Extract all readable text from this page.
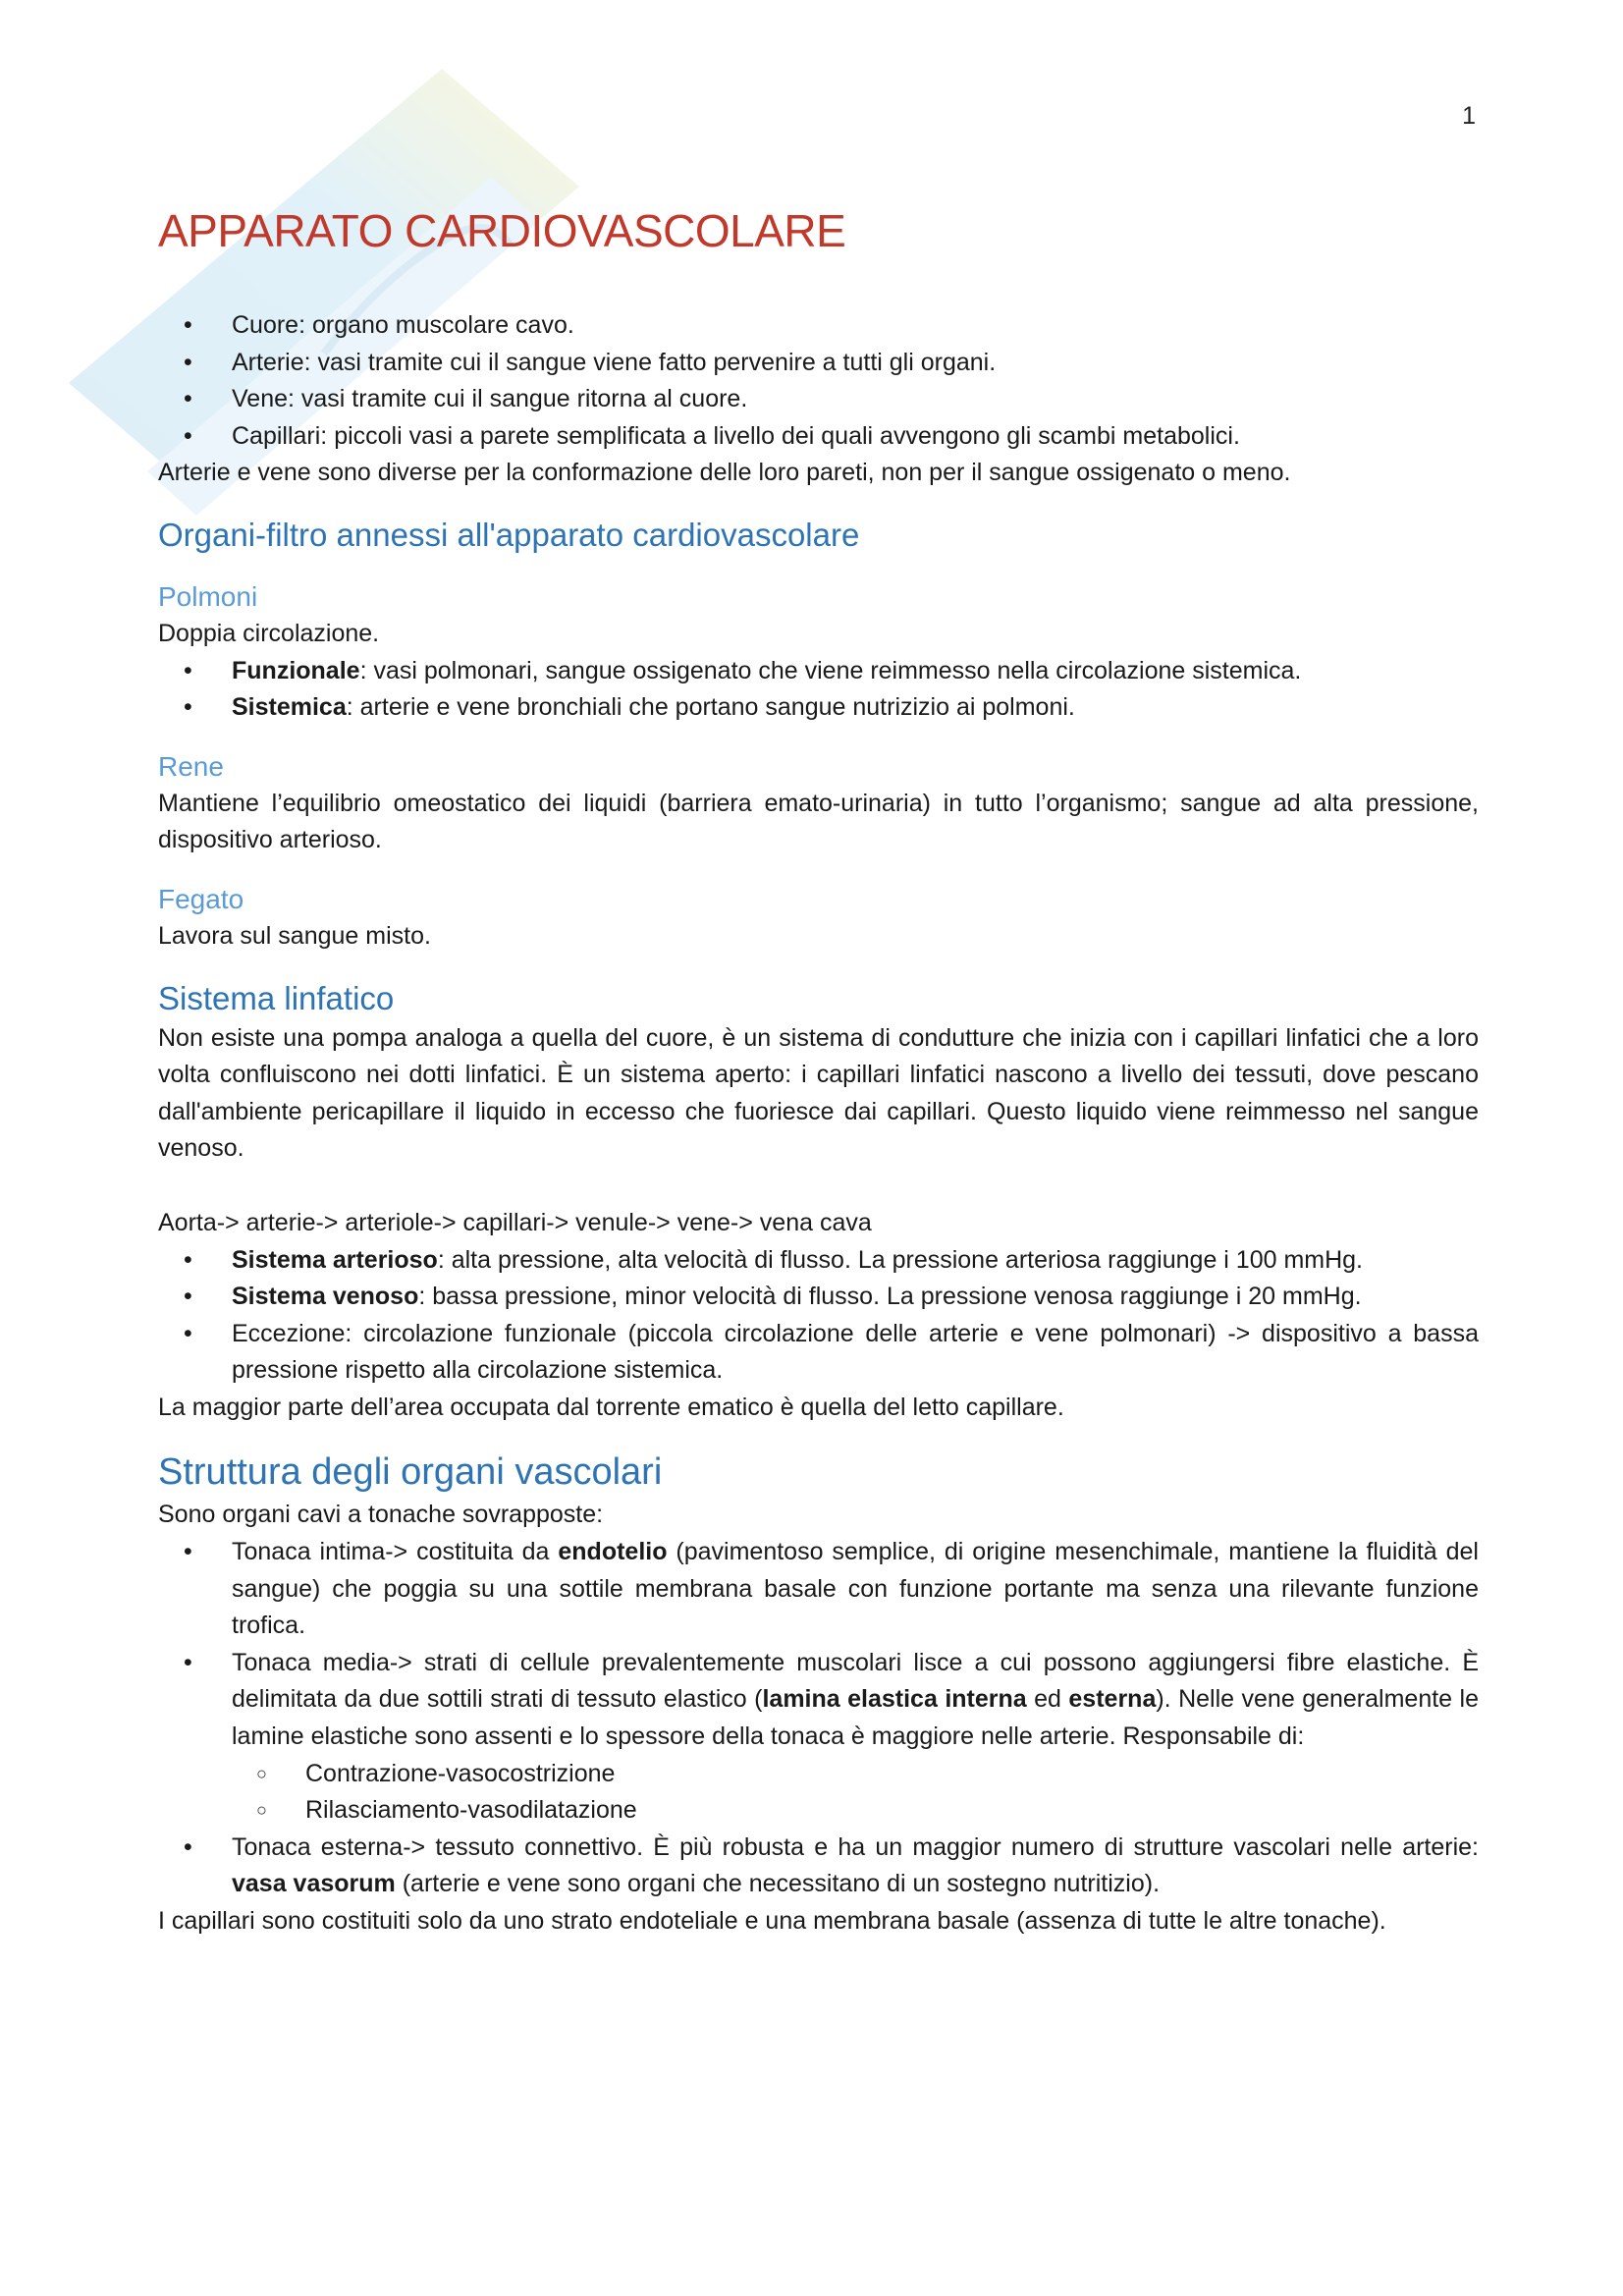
1
APPARATO CARDIOVASCOLARE
• Cuore: organo muscolare cavo.
• Arterie: vasi tramite cui il sangue viene fatto pervenire a tutti gli organi.
• Vene: vasi tramite cui il sangue ritorna al cuore.
• Capillari: piccoli vasi a parete semplificata a livello dei quali avvengono gli scambi metabolici.

Arterie e vene sono diverse per la conformazione delle loro pareti, non per il sangue ossigenato o meno.

Organi-filtro annessi all'apparato cardiovascolare
Polmoni

Doppia circolazione.

• Funzionale: vasi polmonari, sangue ossigenato che viene reimmesso nella circolazione sistemica.
• Sistemica: arterie e vene bronchiali che portano sangue nutrizizio ai polmoni.
Rene

Mantiene l’equilibrio omeostatico dei liquidi (barriera emato-urinaria) in tutto l’organismo; sangue ad alta pressione, dispositivo arterioso.

Fegato

Lavora sul sangue misto.

Sistema linfatico

Non esiste una pompa analoga a quella del cuore, è un sistema di condutture che inizia con i capillari linfatici che a loro volta confluiscono nei dotti linfatici. È un sistema aperto: i capillari linfatici nascono a livello dei tessuti, dove pescano dall'ambiente pericapillare il liquido in eccesso che fuoriesce dai capillari. Questo liquido viene reimmesso nel sangue venoso.

Aorta-> arterie-> arteriole-> capillari-> venule-> vene-> vena cava

• Sistema arterioso: alta pressione, alta velocità di flusso. La pressione arteriosa raggiunge i 100 mmHg.
• Sistema venoso: bassa pressione, minor velocità di flusso. La pressione venosa raggiunge i 20 mmHg.
• Eccezione: circolazione funzionale (piccola circolazione delle arterie e vene polmonari) -> dispositivo a bassa pressione rispetto alla circolazione sistemica.

La maggior parte dell’area occupata dal torrente ematico è quella del letto capillare.

Struttura degli organi vascolari

Sono organi cavi a tonache sovrapposte:

• Tonaca intima-> costituita da endotelio (pavimentoso semplice, di origine mesenchimale, mantiene la fluidità del sangue) che poggia su una sottile membrana basale con funzione portante ma senza una rilevante funzione trofica.
• Tonaca media-> strati di cellule prevalentemente muscolari lisce a cui possono aggiungersi fibre elastiche. È delimitata da due sottili strati di tessuto elastico (lamina elastica interna ed esterna). Nelle vene generalmente le lamine elastiche sono assenti e lo spessore della tonaca è maggiore nelle arterie. Responsabile di:
○ Contrazione-vasocostrizione
○ Rilasciamento-vasodilatazione
• Tonaca esterna-> tessuto connettivo. È più robusta e ha un maggior numero di strutture vascolari nelle arterie: vasa vasorum (arterie e vene sono organi che necessitano di un sostegno nutritizio).

I capillari sono costituiti solo da uno strato endoteliale e una membrana basale (assenza di tutte le altre tonache).
